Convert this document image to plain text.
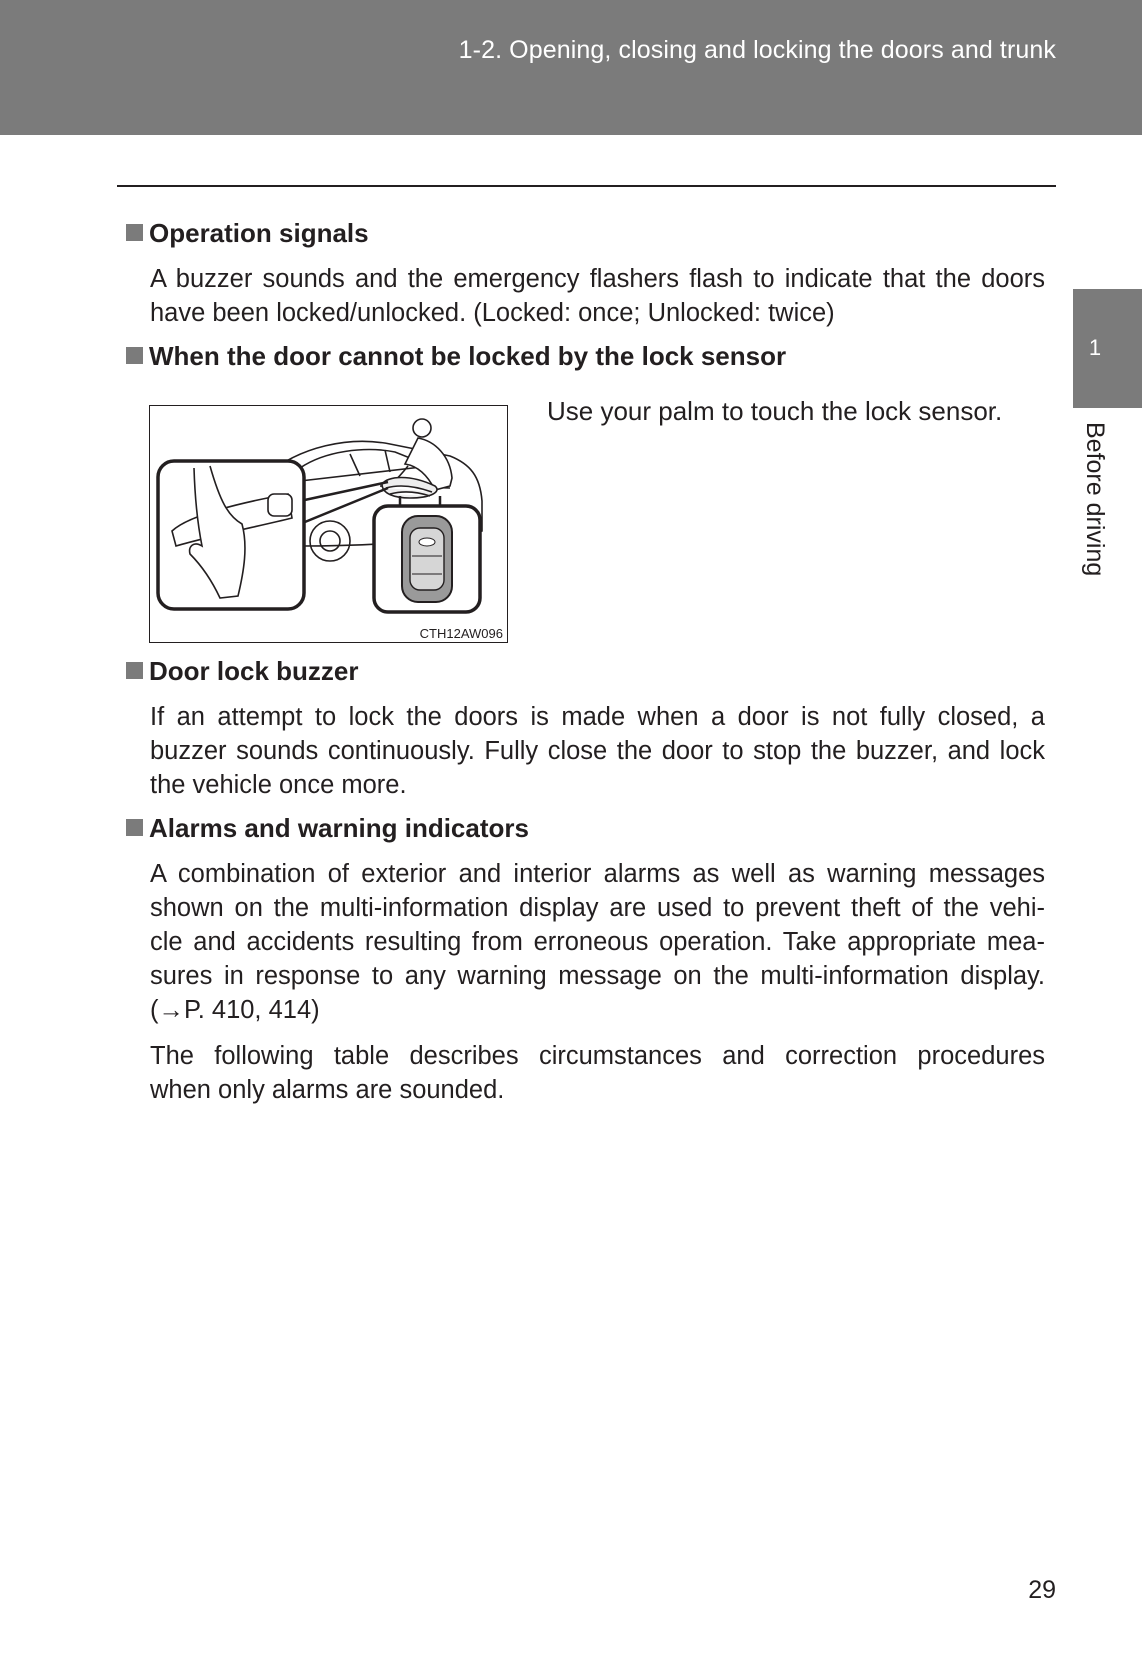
1-2. Opening, closing and locking the doors and trunk
1
Before driving
Operation signals
A buzzer sounds and the emergency flashers flash to indicate that the doors
have been locked/unlocked. (Locked: once; Unlocked: twice)
When the door cannot be locked by the lock sensor
CTH12AW096
Use your palm to touch the lock sensor.
Door lock buzzer
If an attempt to lock the doors is made when a door is not fully closed, a
buzzer sounds continuously. Fully close the door to stop the buzzer, and lock
the vehicle once more.
Alarms and warning indicators
A combination of exterior and interior alarms as well as warning messages
shown on the multi-information display are used to prevent theft of the vehi-
cle and accidents resulting from erroneous operation. Take appropriate mea-
sures in response to any warning message on the multi-information display.
(→P. 410, 414)
The following table describes circumstances and correction procedures
when only alarms are sounded.
29
